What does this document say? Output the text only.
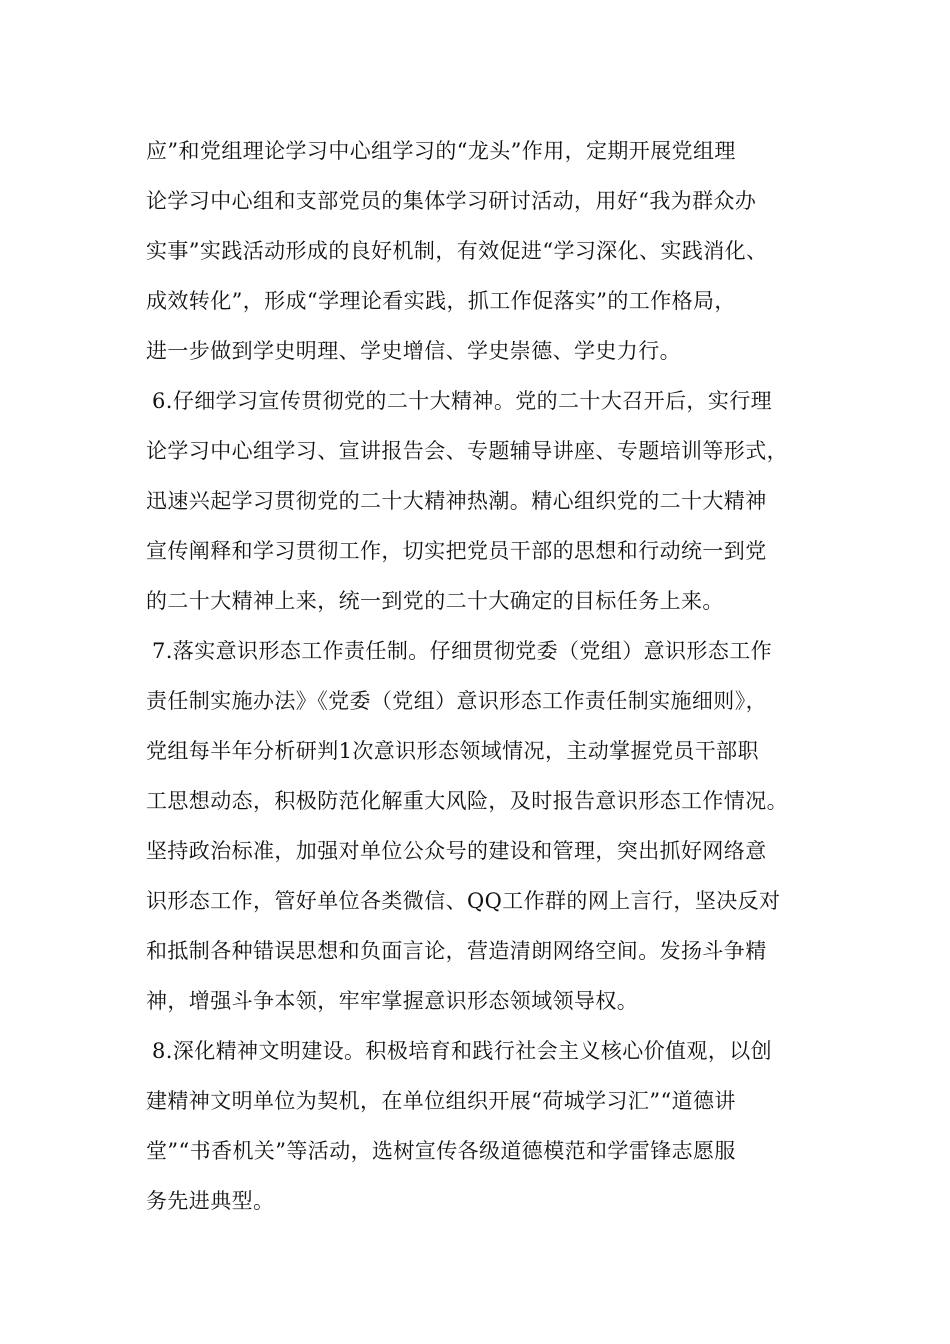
应”和党组理论学习中心组学习的“龙头”作用，定期开展党组理
论学习中心组和支部党员的集体学习研讨活动，用好“我为群众办
实事”实践活动形成的良好机制，有效促进“学习深化、实践消化、
成效转化”，形成“学理论看实践，抓工作促落实”的工作格局，
进一步做到学史明理、学史增信、学史崇德、学史力行。
6.仔细学习宣传贯彻党的二十大精神。党的二十大召开后，实行理
论学习中心组学习、宣讲报告会、专题辅导讲座、专题培训等形式，
迅速兴起学习贯彻党的二十大精神热潮。精心组织党的二十大精神
宣传阐释和学习贯彻工作，切实把党员干部的思想和行动统一到党
的二十大精神上来，统一到党的二十大确定的目标任务上来。
7.落实意识形态工作责任制。仔细贯彻党委（党组）意识形态工作
责任制实施办法》《党委（党组）意识形态工作责任制实施细则》，
党组每半年分析研判1次意识形态领域情况，主动掌握党员干部职
工思想动态，积极防范化解重大风险，及时报告意识形态工作情况。
坚持政治标准，加强对单位公众号的建设和管理，突出抓好网络意
识形态工作，管好单位各类微信、QQ工作群的网上言行，坚决反对
和抵制各种错误思想和负面言论，营造清朗网络空间。发扬斗争精
神，增强斗争本领，牢牢掌握意识形态领域领导权。
8.深化精神文明建设。积极培育和践行社会主义核心价值观，以创
建精神文明单位为契机，在单位组织开展“荷城学习汇”“道德讲
堂”“书香机关”等活动，选树宣传各级道德模范和学雷锋志愿服
务先进典型。
